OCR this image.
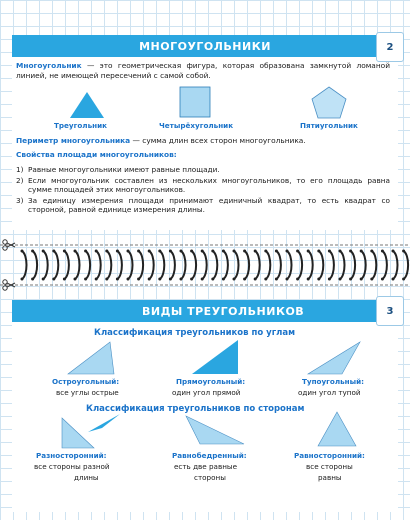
МНОГОУГОЛЬНИКИ	2
Многоугольник — это геометрическая фигура, которая образована замкнутой ломаной линией, не имеющей пересечений с самой собой.
Треугольник	Четырёхугольник	Пятиугольник
Периметр многоугольника — сумма длин всех сторон многоугольника.
Свойства площади многоугольников:
1) Равные многоугольники имеют равные площади.
2) Если многоугольник составлен из нескольких многоугольников, то его площадь равна сумме площадей этих многоугольников.
3) За единицу измерения площади принимают единичный квадрат, то есть квадрат со стороной, равной единице измерения длины.
ВИДЫ ТРЕУГОЛЬНИКОВ	3
Классификация треугольников по углам
Остроугольный:
все углы острые
Прямоугольный:
один угол прямой
Тупоугольный:
один угол тупой
Классификация треугольников по сторонам
Разносторонний:
все стороны разной
длины
Равнобедренный:
есть две равные
стороны
Равносторонний:
все стороны
равны
